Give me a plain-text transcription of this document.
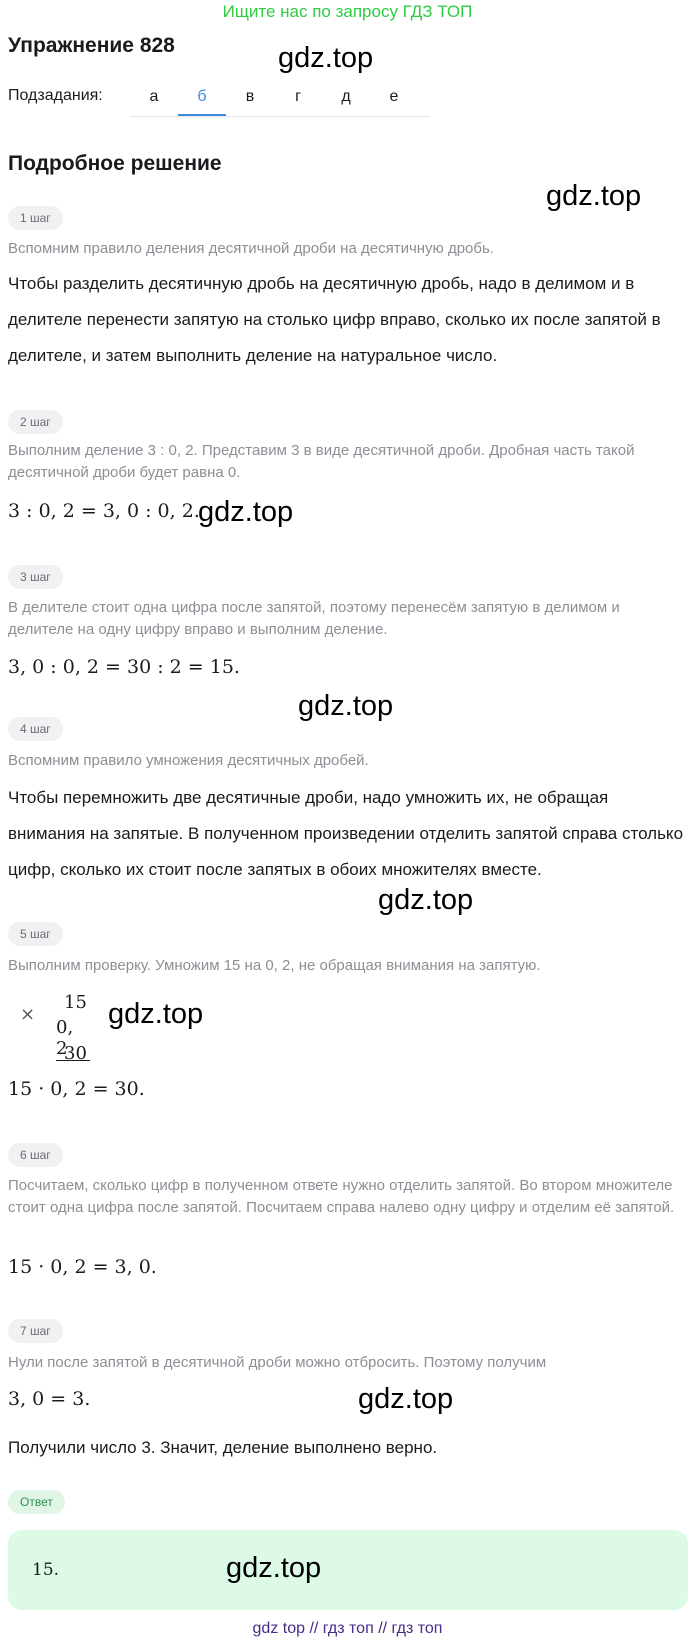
Ищите нас по запросу ГДЗ ТОП
Упражнение 828	gdz.top
Подзадания:	а	б	в	г	д	е
Подробное решение
1 шаг
gdz.top
Вспомним правило деления десятичной дроби на десятичную дробь.
Чтобы разделить десятичную дробь на десятичную дробь, надо в делимом и в делителе перенести запятую на столько цифр вправо, сколько их после запятой в делителе, и затем выполнить деление на натуральное число.
2 шаг
Выполним деление 3 : 0, 2. Представим 3 в виде десятичной дроби. Дробная часть такой десятичной дроби будет равна 0.
3 : 0, 2 = 3, 0 : 0, 2.
gdz.top
3 шаг
В делителе стоит одна цифра после запятой, поэтому перенесём запятую в делимом и делителе на одну цифру вправо и выполним деление.
3, 0 : 0, 2 = 30 : 2 = 15.
gdz.top
4 шаг
Вспомним правило умножения десятичных дробей.
Чтобы перемножить две десятичные дроби, надо умножить их, не обращая внимания на запятые. В полученном произведении отделить запятой справа столько цифр, сколько их стоит после запятых в обоих множителях вместе.
gdz.top
5 шаг
Выполним проверку. Умножим 15 на 0, 2, не обращая внимания на запятую.
×
15
0, 2
30
gdz.top
15 · 0, 2 = 30.
6 шаг
Посчитаем, сколько цифр в полученном ответе нужно отделить запятой. Во втором множителе стоит одна цифра после запятой. Посчитаем справа налево одну цифру и отделим её запятой.
15 · 0, 2 = 3, 0.
7 шаг
Нули после запятой в десятичной дроби можно отбросить. Поэтому получим
3, 0 = 3.	gdz.top
Получили число 3. Значит, деление выполнено верно.
Ответ
15.	gdz.top
gdz top // гдз топ // гдз топ
